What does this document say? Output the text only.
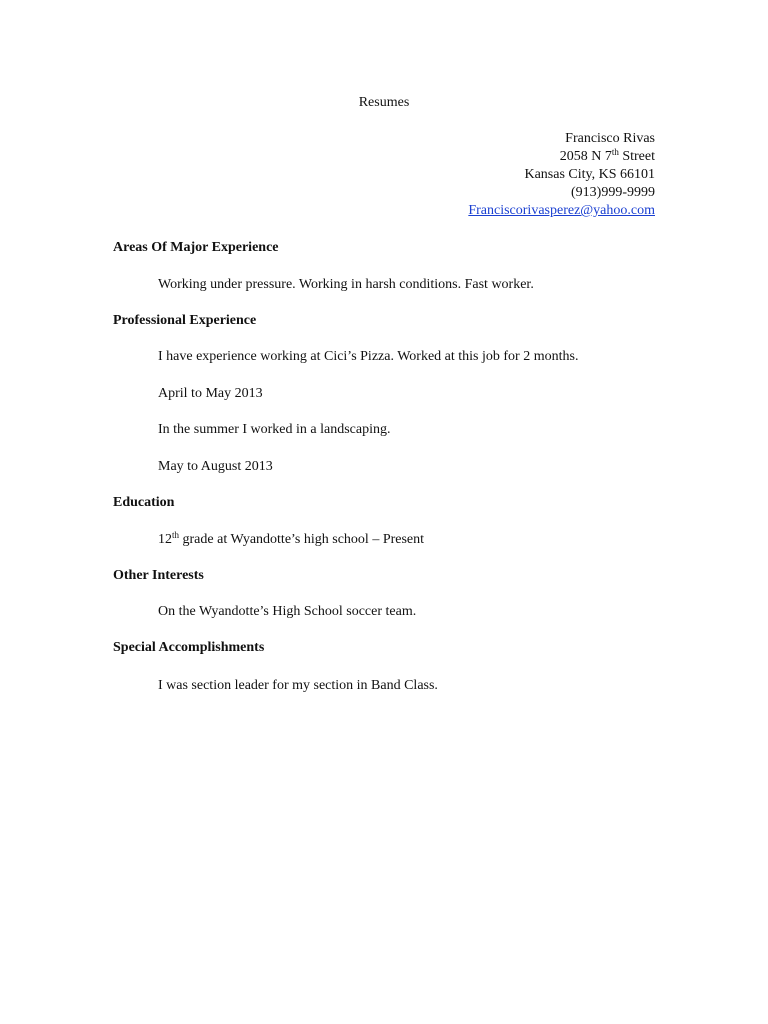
Resumes
Francisco Rivas
2058 N 7th Street
Kansas City, KS 66101
(913)999-9999
Franciscorivasperez@yahoo.com
Areas Of Major Experience
Working under pressure. Working in harsh conditions. Fast worker.
Professional Experience
I have experience working at Cici’s Pizza. Worked at this job for 2 months.
April to May 2013
In the summer I worked in a landscaping.
May to August 2013
Education
12th grade at Wyandotte’s high school – Present
Other Interests
On the Wyandotte’s High School soccer team.
Special Accomplishments
I was section leader for my section in Band Class.
